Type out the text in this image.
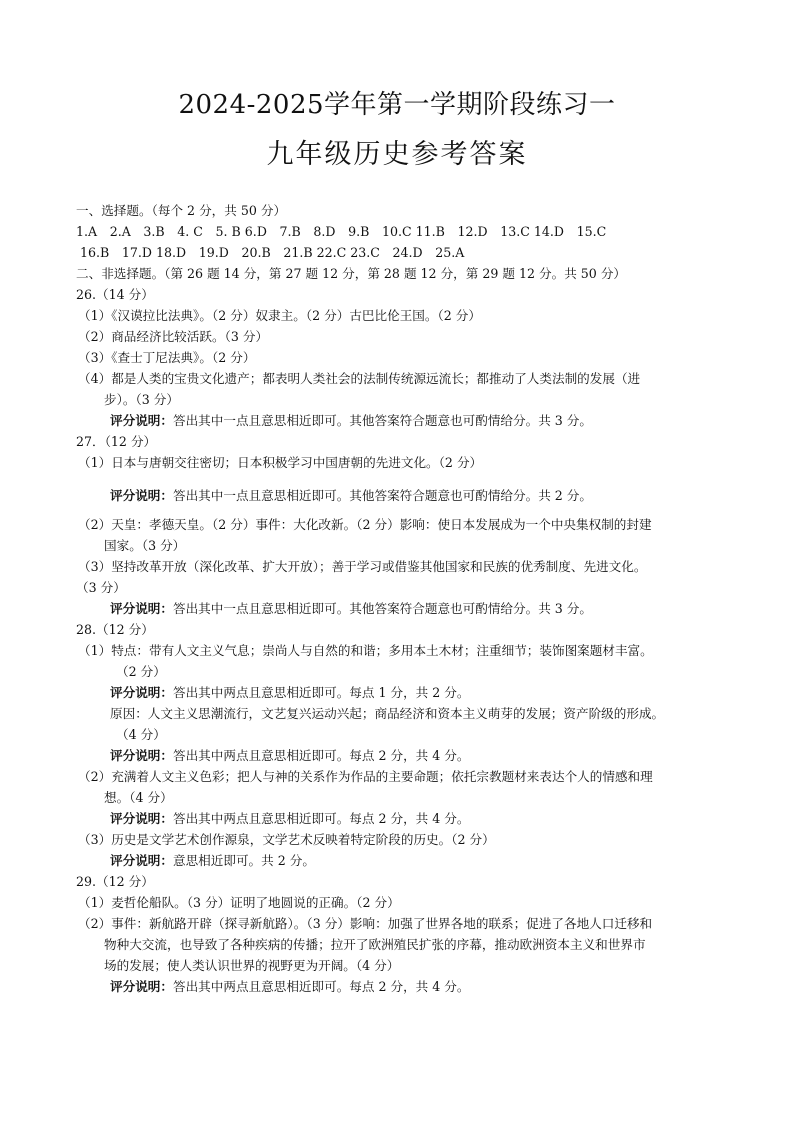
2024-2025学年第一学期阶段练习一
九年级历史参考答案
一、选择题。（每个 2 分，共 50 分）
1.A　2.A　3.B　4. C　5. B 6.D　7.B　8.D　9.B　10.C 11.B　12.D　13.C 14.D　15.C
16.B　17.D 18.D　19.D　20.B　21.B 22.C 23.C　24.D　25.A
二、非选择题。（第 26 题 14 分，第 27 题 12 分，第 28 题 12 分，第 29 题 12 分。共 50 分）
26.（14 分）
（1）《汉谟拉比法典》。（2 分）奴隶主。（2 分）古巴比伦王国。（2 分）
（2）商品经济比较活跃。（3 分）
（3）《查士丁尼法典》。（2 分）
（4）都是人类的宝贵文化遗产；都表明人类社会的法制传统源远流长；都推动了人类法制的发展（进
步）。（3 分）
评分说明：答出其中一点且意思相近即可。其他答案符合题意也可酌情给分。共 3 分。
27．（12 分）
（1）日本与唐朝交往密切；日本积极学习中国唐朝的先进文化。（2 分）
评分说明：答出其中一点且意思相近即可。其他答案符合题意也可酌情给分。共 2 分。
（2）天皇：孝德天皇。（2 分）事件：大化改新。（2 分）影响：使日本发展成为一个中央集权制的封建
国家。（3 分）
（3）坚持改革开放（深化改革、扩大开放）；善于学习或借鉴其他国家和民族的优秀制度、先进文化。
（3 分）
评分说明：答出其中一点且意思相近即可。其他答案符合题意也可酌情给分。共 3 分。
28.（12 分）
（1）特点：带有人文主义气息；崇尚人与自然的和谐；多用本土木材；注重细节；装饰图案题材丰富。
（2 分）
评分说明：答出其中两点且意思相近即可。每点 1 分，共 2 分。
原因：人文主义思潮流行，文艺复兴运动兴起；商品经济和资本主义萌芽的发展；资产阶级的形成。
（4 分）
评分说明：答出其中两点且意思相近即可。每点 2 分，共 4 分。
（2）充满着人文主义色彩；把人与神的关系作为作品的主要命题；依托宗教题材来表达个人的情感和理
想。（4 分）
评分说明：答出其中两点且意思相近即可。每点 2 分，共 4 分。
（3）历史是文学艺术创作源泉，文学艺术反映着特定阶段的历史。（2 分）
评分说明：意思相近即可。共 2 分。
29.（12 分）
（1）麦哲伦船队。（3 分）证明了地圆说的正确。（2 分）
（2）事件：新航路开辟（探寻新航路）。（3 分）影响：加强了世界各地的联系；促进了各地人口迁移和
物种大交流，也导致了各种疾病的传播；拉开了欧洲殖民扩张的序幕，推动欧洲资本主义和世界市
场的发展；使人类认识世界的视野更为开阔。（4 分）
评分说明：答出其中两点且意思相近即可。每点 2 分，共 4 分。
